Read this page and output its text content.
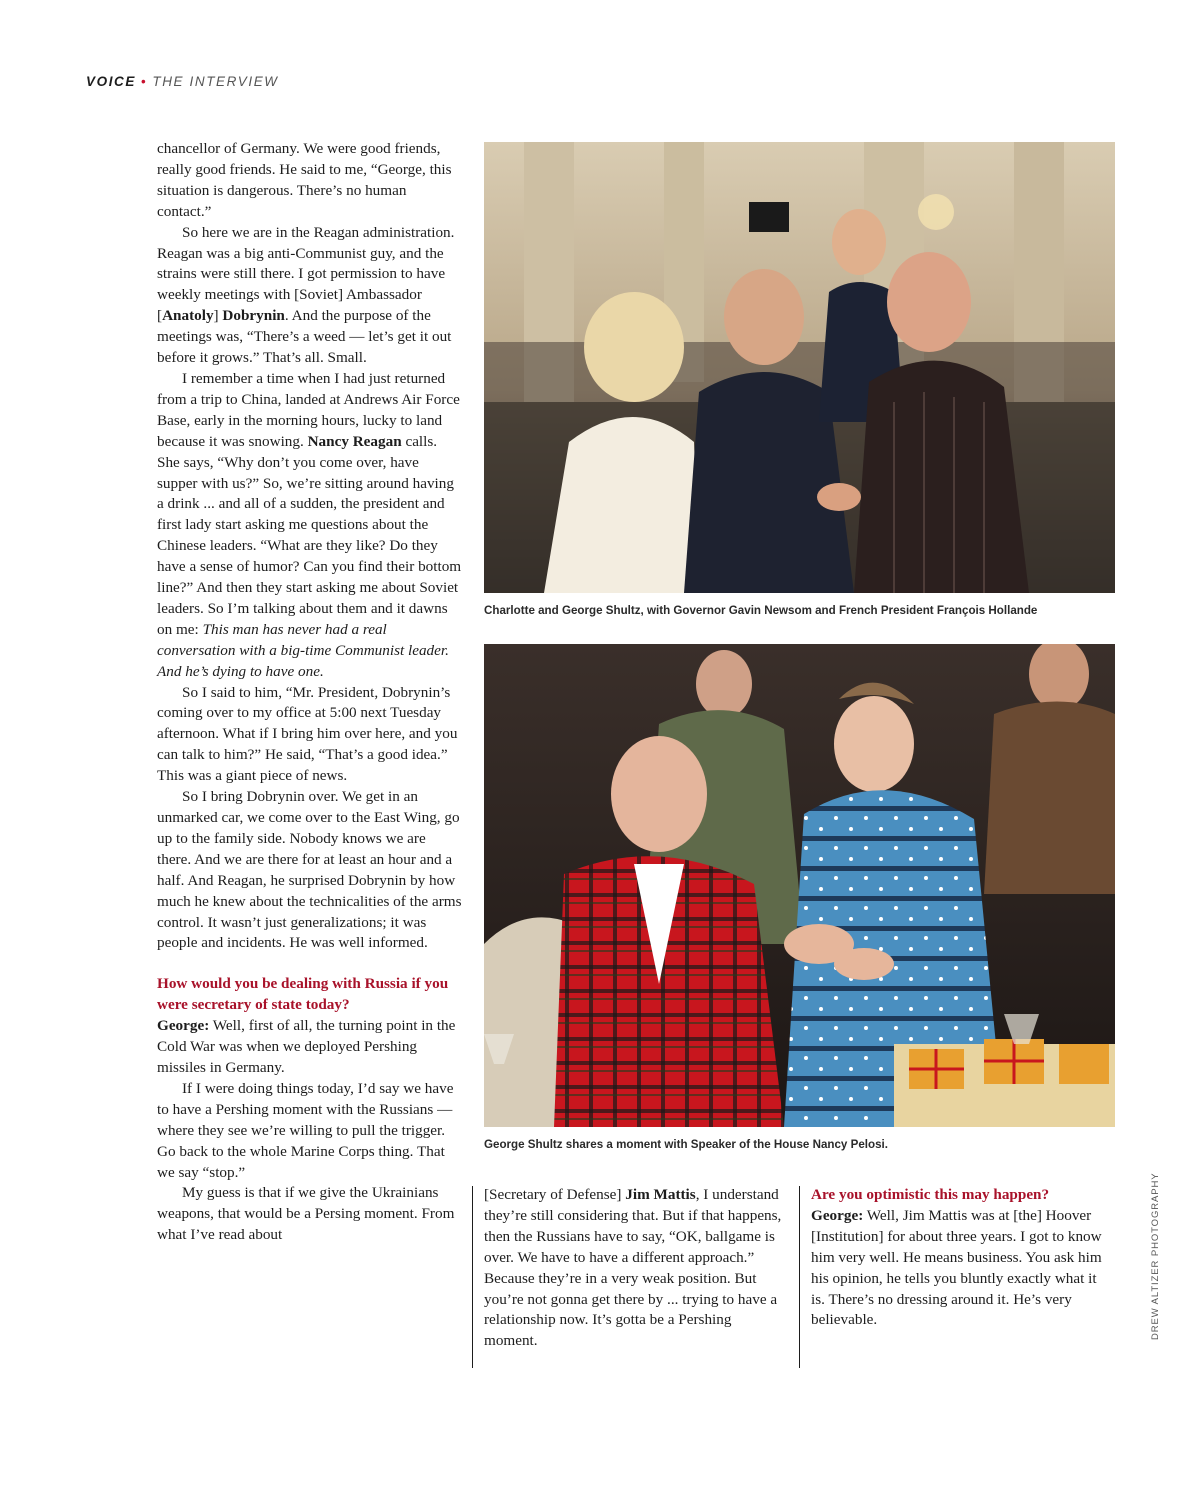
VOICE • THE INTERVIEW

chancellor of Germany. We were good friends, really good friends. He said to me, “George, this situation is dangerous. There’s no human contact.”

So here we are in the Reagan administration. Reagan was a big anti-Communist guy, and the strains were still there. I got permission to have weekly meetings with [Soviet] Ambassador [Anatoly] Dobrynin. And the purpose of the meetings was, “There’s a weed — let’s get it out before it grows.” That’s all. Small.

I remember a time when I had just returned from a trip to China, landed at Andrews Air Force Base, early in the morning hours, lucky to land because it was snowing. Nancy Reagan calls. She says, “Why don’t you come over, have supper with us?” So, we’re sitting around having a drink ... and all of a sudden, the president and first lady start asking me questions about the Chinese leaders. “What are they like? Do they have a sense of humor? Can you find their bottom line?” And then they start asking me about Soviet leaders. So I’m talking about them and it dawns on me: This man has never had a real conversation with a big-time Communist leader. And he’s dying to have one.

So I said to him, “Mr. President, Dobrynin’s coming over to my office at 5:00 next Tuesday afternoon. What if I bring him over here, and you can talk to him?” He said, “That’s a good idea.” This was a giant piece of news.

So I bring Dobrynin over. We get in an unmarked car, we come over to the East Wing, go up to the family side. Nobody knows we are there. And we are there for at least an hour and a half. And Reagan, he surprised Dobrynin by how much he knew about the technicalities of the arms control. It wasn’t just generalizations; it was people and incidents. He was well informed.

How would you be dealing with Russia if you were secretary of state today?

George: Well, first of all, the turning point in the Cold War was when we deployed Pershing missiles in Germany.

If I were doing things today, I’d say we have to have a Pershing moment with the Russians — where they see we’re willing to pull the trigger. Go back to the whole Marine Corps thing. That we say “stop.”

My guess is that if we give the Ukrainians weapons, that would be a Persing moment. From what I’ve read about

Charlotte and George Shultz, with Governor Gavin Newsom and French President François Hollande
George Shultz shares a moment with Speaker of the House Nancy Pelosi.

[Secretary of Defense] Jim Mattis, I understand they’re still considering that. But if that happens, then the Russians have to say, “OK, ballgame is over. We have to have a different approach.” Because they’re in a very weak position. But you’re not gonna get there by ... trying to have a relationship now. It’s gotta be a Pershing moment.

Are you optimistic this may happen?

George: Well, Jim Mattis was at [the] Hoover [Institution] for about three years. I got to know him very well. He means business. You ask him his opinion, he tells you bluntly exactly what it is. There’s no dressing around it. He’s very believable.	DREW ALTIZER PHOTOGRAPHY
